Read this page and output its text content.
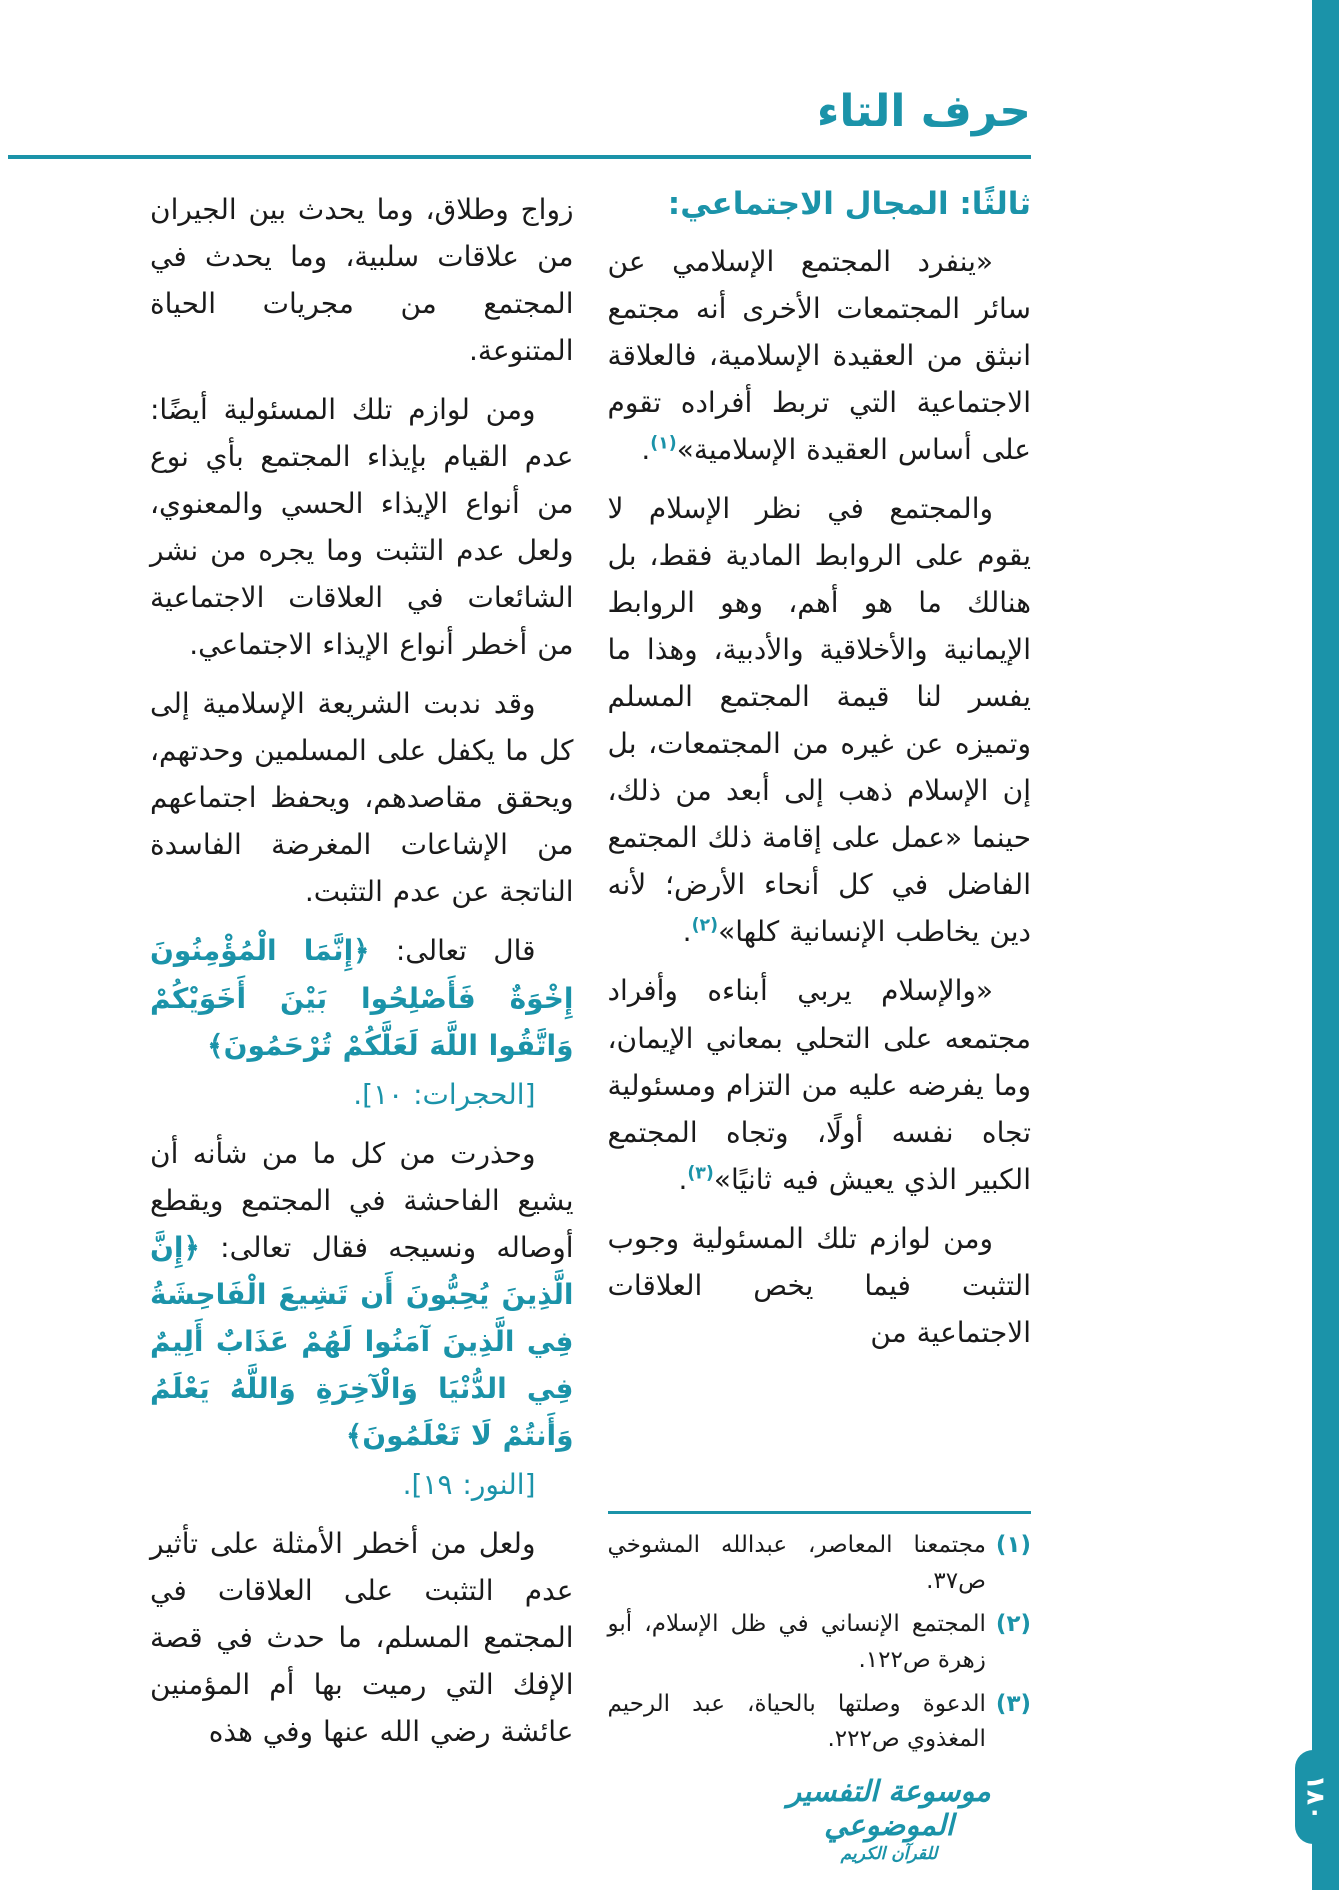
١٨٠
حرف التاء
ثالثًا: المجال الاجتماعي:

«ينفرد المجتمع الإسلامي عن سائر المجتمعات الأخرى أنه مجتمع انبثق من العقيدة الإسلامية، فالعلاقة الاجتماعية التي تربط أفراده تقوم على أساس العقيدة الإسلامية»$^{(١)}$.

والمجتمع في نظر الإسلام لا يقوم على الروابط المادية فقط، بل هنالك ما هو أهم، وهو الروابط الإيمانية والأخلاقية والأدبية، وهذا ما يفسر لنا قيمة المجتمع المسلم وتميزه عن غيره من المجتمعات، بل إن الإسلام ذهب إلى أبعد من ذلك، حينما «عمل على إقامة ذلك المجتمع الفاضل في كل أنحاء الأرض؛ لأنه دين يخاطب الإنسانية كلها»$^{(٢)}$.

«والإسلام يربي أبناءه وأفراد مجتمعه على التحلي بمعاني الإيمان، وما يفرضه عليه من التزام ومسئولية تجاه نفسه أولًا، وتجاه المجتمع الكبير الذي يعيش فيه ثانيًا»$^{(٣)}$.

ومن لوازم تلك المسئولية وجوب التثبت فيما يخص العلاقات الاجتماعية من

(١)
مجتمعنا المعاصر، عبدالله المشوخي ص٣٧.
(٢)
المجتمع الإنساني في ظل الإسلام، أبو زهرة ص١٢٢.
(٣)
الدعوة وصلتها بالحياة، عبد الرحيم المغذوي ص٢٢٢.

زواج وطلاق، وما يحدث بين الجيران من علاقات سلبية، وما يحدث في المجتمع من مجريات الحياة المتنوعة.

ومن لوازم تلك المسئولية أيضًا: عدم القيام بإيذاء المجتمع بأي نوع من أنواع الإيذاء الحسي والمعنوي، ولعل عدم التثبت وما يجره من نشر الشائعات في العلاقات الاجتماعية من أخطر أنواع الإيذاء الاجتماعي.

وقد ندبت الشريعة الإسلامية إلى كل ما يكفل على المسلمين وحدتهم، ويحقق مقاصدهم، ويحفظ اجتماعهم من الإشاعات المغرضة الفاسدة الناتجة عن عدم التثبت.

قال تعالى: ﴿إِنَّمَا الْمُؤْمِنُونَ إِخْوَةٌ فَأَصْلِحُوا بَيْنَ أَخَوَيْكُمْ وَاتَّقُوا اللَّهَ لَعَلَّكُمْ تُرْحَمُونَ﴾
[الحجرات: ١٠].

وحذرت من كل ما من شأنه أن يشيع الفاحشة في المجتمع ويقطع أوصاله ونسيجه فقال تعالى: ﴿إِنَّ الَّذِينَ يُحِبُّونَ أَن تَشِيعَ الْفَاحِشَةُ فِي الَّذِينَ آمَنُوا لَهُمْ عَذَابٌ أَلِيمٌ فِي الدُّنْيَا وَالْآخِرَةِ وَاللَّهُ يَعْلَمُ وَأَنتُمْ لَا تَعْلَمُونَ﴾
[النور: ١٩].

ولعل من أخطر الأمثلة على تأثير عدم التثبت على العلاقات في المجتمع المسلم، ما حدث في قصة الإفك التي رميت بها أم المؤمنين عائشة رضي الله عنها وفي هذه

موسوعة التفسير الموضوعي
للقرآن الكريم
